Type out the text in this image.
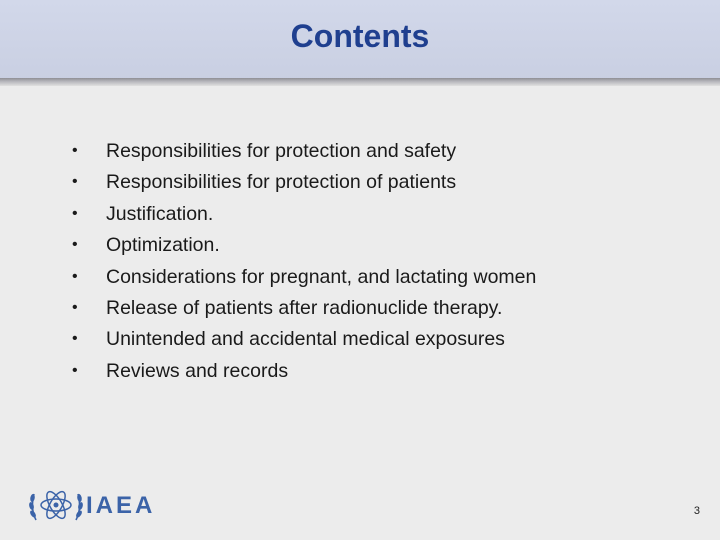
Contents
• Responsibilities for protection and safety
• Responsibilities for protection of patients
• Justification.
• Optimization.
• Considerations for pregnant, and lactating women
• Release of patients after radionuclide therapy.
• Unintended and accidental medical exposures
• Reviews and records
IAEA	3
